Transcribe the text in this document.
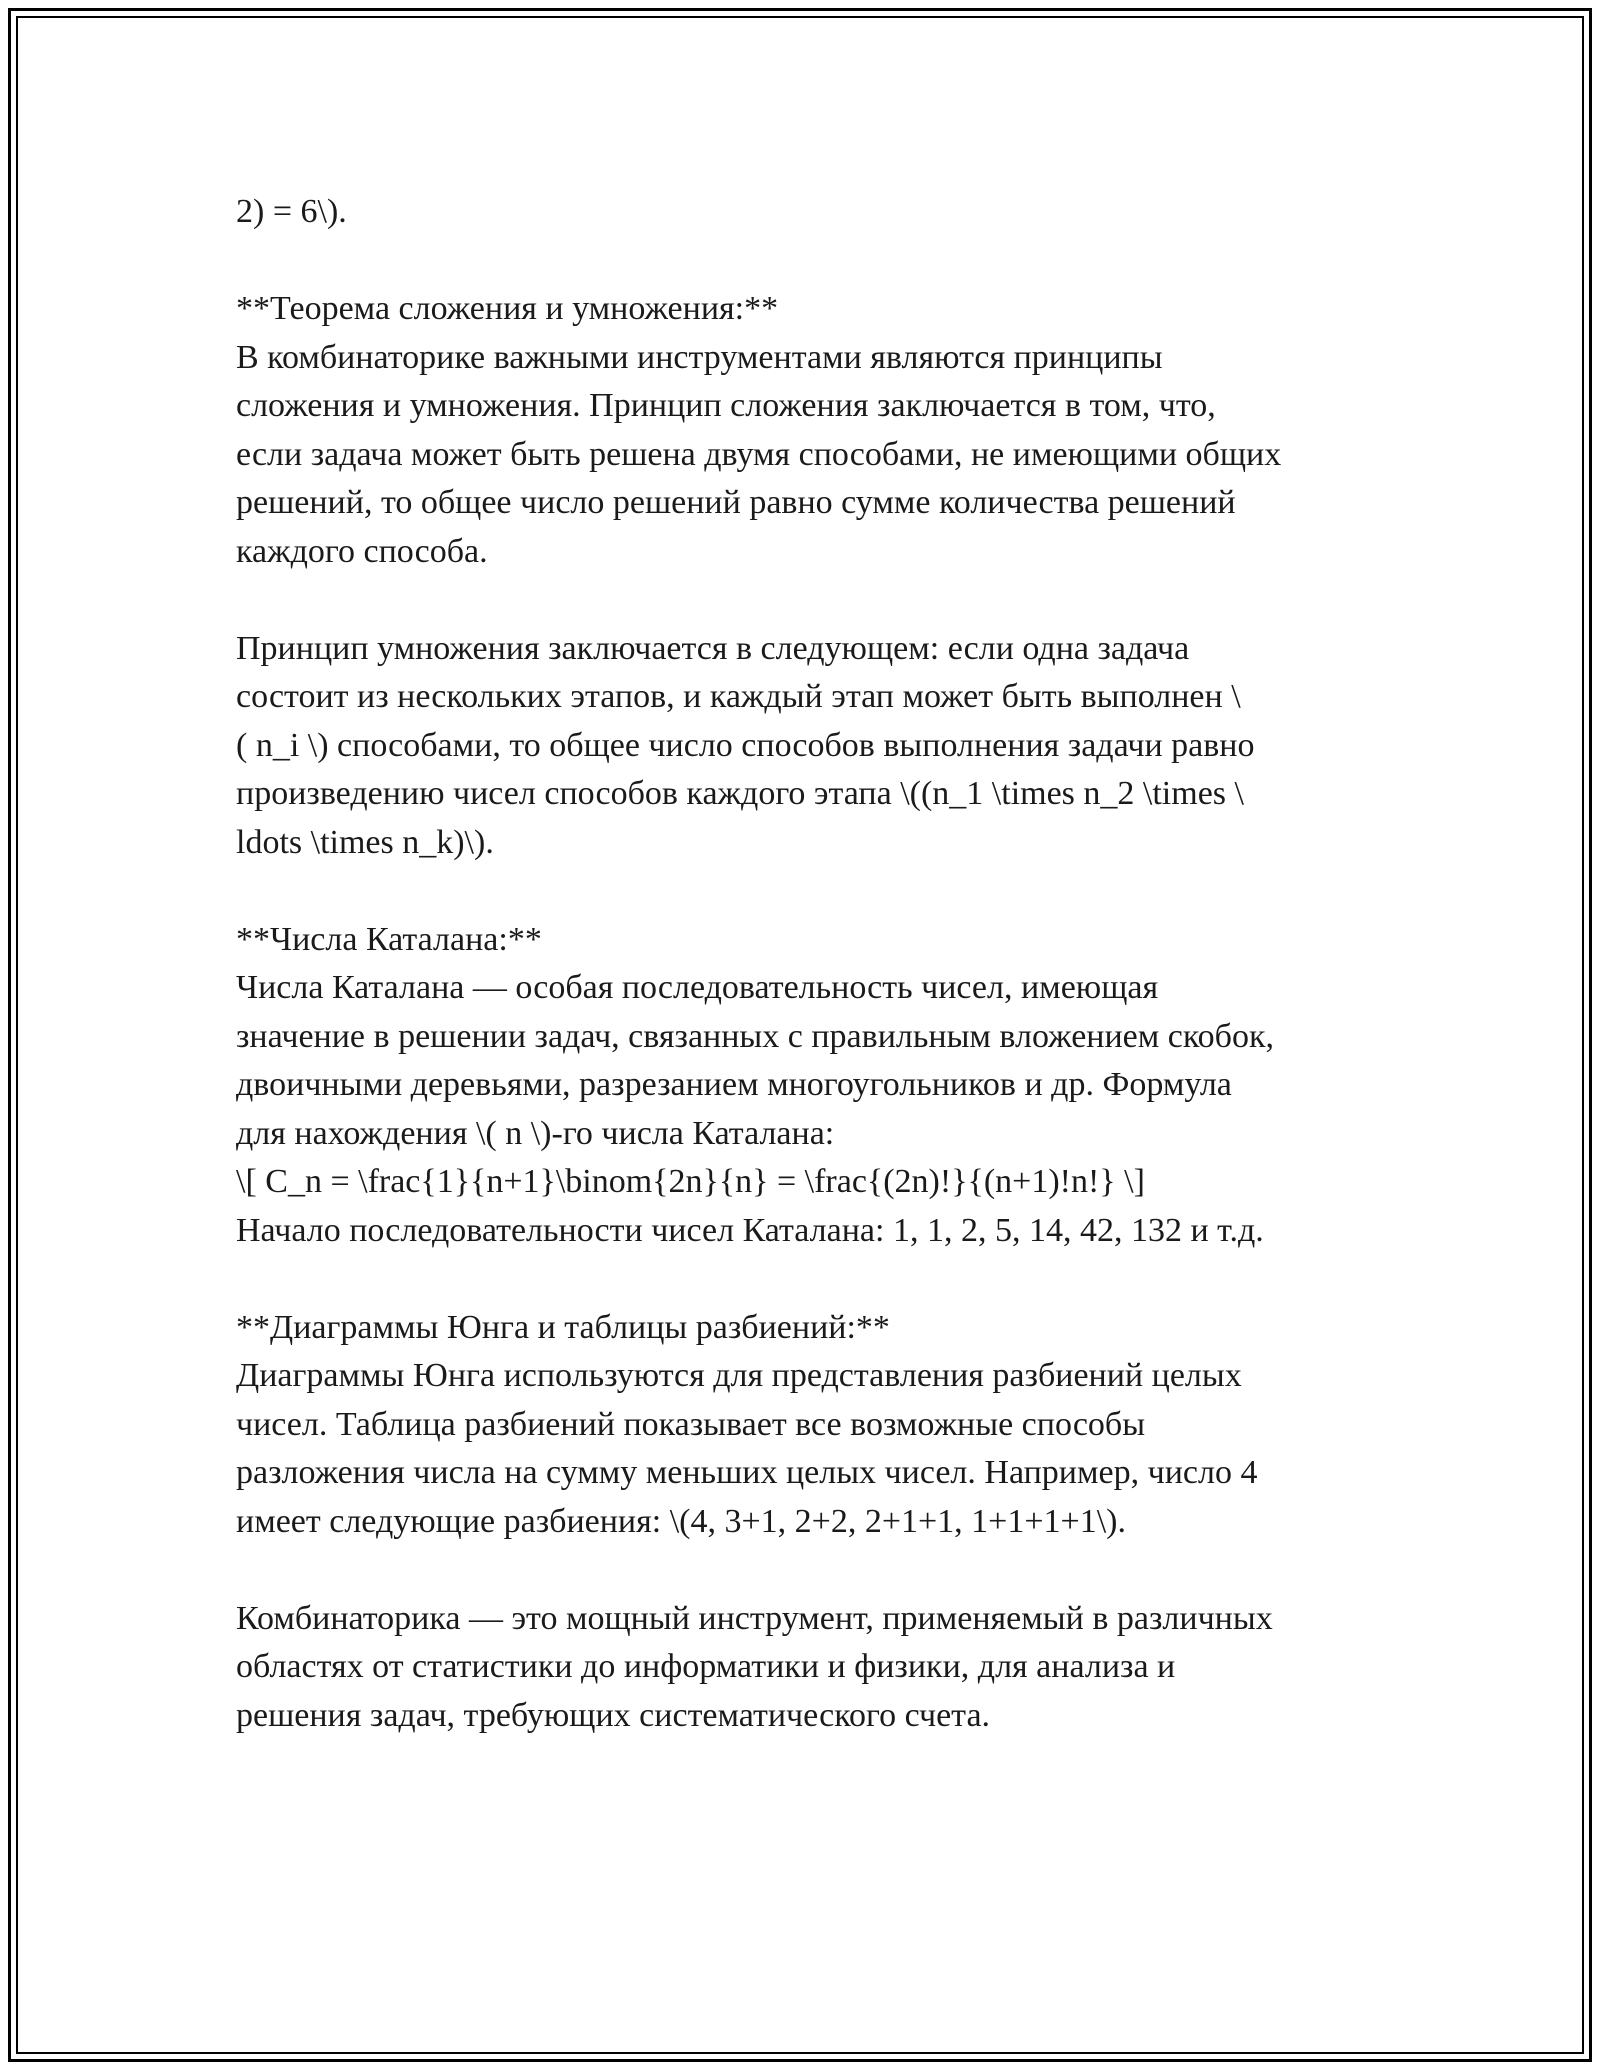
2) = 6\).
**Теорема сложения и умножения:**
В комбинаторике важными инструментами являются принципы
сложения и умножения. Принцип сложения заключается в том, что,
если задача может быть решена двумя способами, не имеющими общих
решений, то общее число решений равно сумме количества решений
каждого способа.
Принцип умножения заключается в следующем: если одна задача
состоит из нескольких этапов, и каждый этап может быть выполнен \
( n_i \) способами, то общее число способов выполнения задачи равно
произведению чисел способов каждого этапа \((n_1 \times n_2 \times \
ldots \times n_k)\).
**Числа Каталана:**
Числа Каталана — особая последовательность чисел, имеющая
значение в решении задач, связанных с правильным вложением скобок,
двоичными деревьями, разрезанием многоугольников и др. Формула
для нахождения \( n \)-го числа Каталана:
\[ C_n = \frac{1}{n+1}\binom{2n}{n} = \frac{(2n)!}{(n+1)!n!} \]
Начало последовательности чисел Каталана: 1, 1, 2, 5, 14, 42, 132 и т.д.
**Диаграммы Юнга и таблицы разбиений:**
Диаграммы Юнга используются для представления разбиений целых
чисел. Таблица разбиений показывает все возможные способы
разложения числа на сумму меньших целых чисел. Например, число 4
имеет следующие разбиения: \(4, 3+1, 2+2, 2+1+1, 1+1+1+1\).
Комбинаторика — это мощный инструмент, применяемый в различных
областях от статистики до информатики и физики, для анализа и
решения задач, требующих систематического счета.
